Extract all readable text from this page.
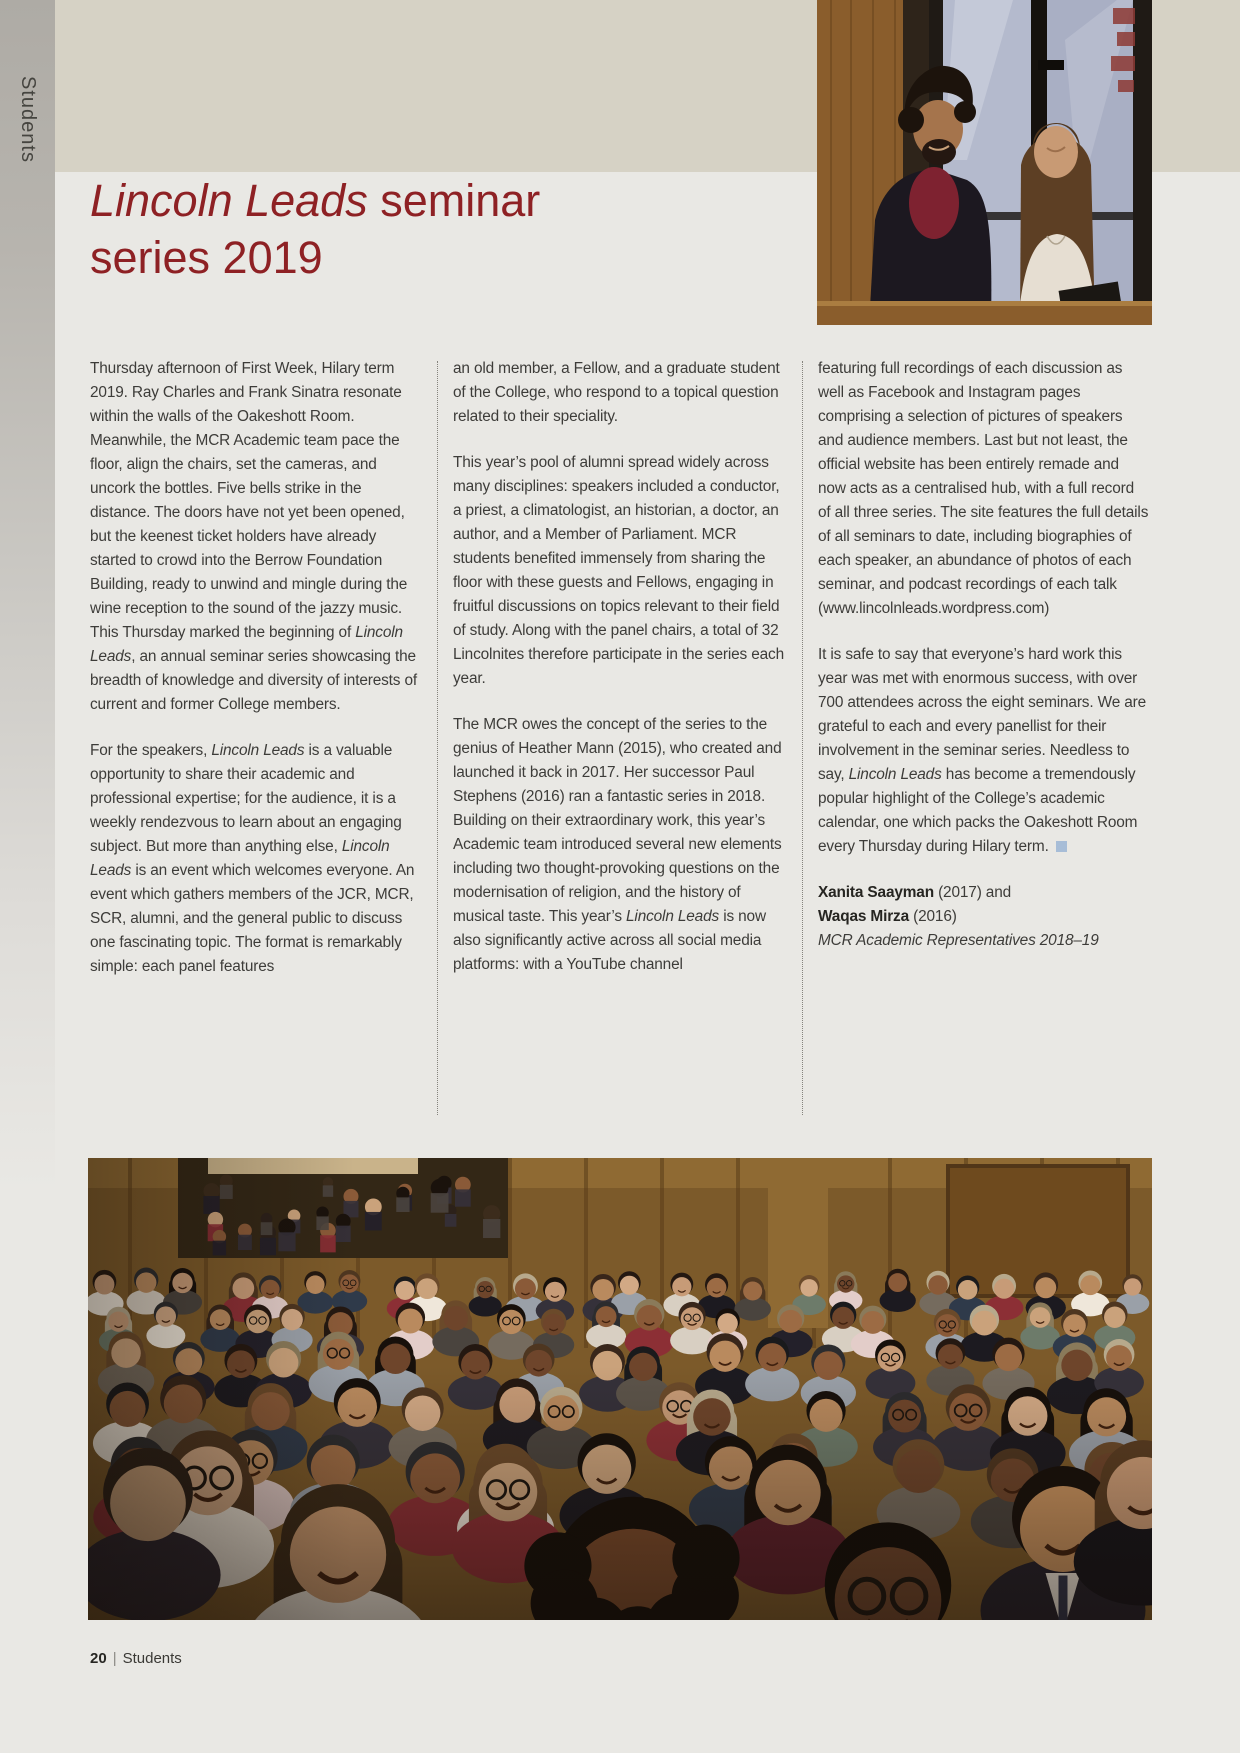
Students
Lincoln Leads seminar
series 2019

Thursday afternoon of First Week, Hilary term 2019. Ray Charles and Frank Sinatra resonate within the walls of the Oakeshott Room. Meanwhile, the MCR Academic team pace the floor, align the chairs, set the cameras, and uncork the bottles. Five bells strike in the distance. The doors have not yet been opened, but the keenest ticket holders have already started to crowd into the Berrow Foundation Building, ready to unwind and mingle during the wine reception to the sound of the jazzy music. This Thursday marked the beginning of Lincoln Leads, an annual seminar series showcasing the breadth of knowledge and diversity of interests of current and former College members.

For the speakers, Lincoln Leads is a valuable opportunity to share their academic and professional expertise; for the audience, it is a weekly rendezvous to learn about an engaging subject. But more than anything else, Lincoln Leads is an event which welcomes everyone. An event which gathers members of the JCR, MCR, SCR, alumni, and the general public to discuss one fascinating topic. The format is remarkably simple: each panel features

an old member, a Fellow, and a graduate student of the College, who respond to a topical question related to their speciality.

This year’s pool of alumni spread widely across many disciplines: speakers included a conductor, a priest, a climatologist, an historian, a doctor, an author, and a Member of Parliament. MCR students benefited immensely from sharing the floor with these guests and Fellows, engaging in fruitful discussions on topics relevant to their field of study. Along with the panel chairs, a total of 32 Lincolnites therefore participate in the series each year.

The MCR owes the concept of the series to the genius of Heather Mann (2015), who created and launched it back in 2017. Her successor Paul Stephens (2016) ran a fantastic series in 2018. Building on their extraordinary work, this year’s Academic team introduced several new elements including two thought-provoking questions on the modernisation of religion, and the history of musical taste. This year’s Lincoln Leads is now also significantly active across all social media platforms: with a YouTube channel

featuring full recordings of each discussion as well as Facebook and Instagram pages comprising a selection of pictures of speakers and audience members. Last but not least, the official website has been entirely remade and now acts as a centralised hub, with a full record of all three series. The site features the full details of all seminars to date, including biographies of each speaker, an abundance of photos of each seminar, and podcast recordings of each talk (www.lincolnleads.wordpress.com)

It is safe to say that everyone’s hard work this year was met with enormous success, with over 700 attendees across the eight seminars. We are grateful to each and every panellist for their involvement in the seminar series. Needless to say, Lincoln Leads has become a tremendously popular highlight of the College’s academic calendar, one which packs the Oakeshott Room every Thursday during Hilary term.

Xanita Saayman (2017) and
Waqas Mirza (2016)
MCR Academic Representatives 2018–19

20 | Students
